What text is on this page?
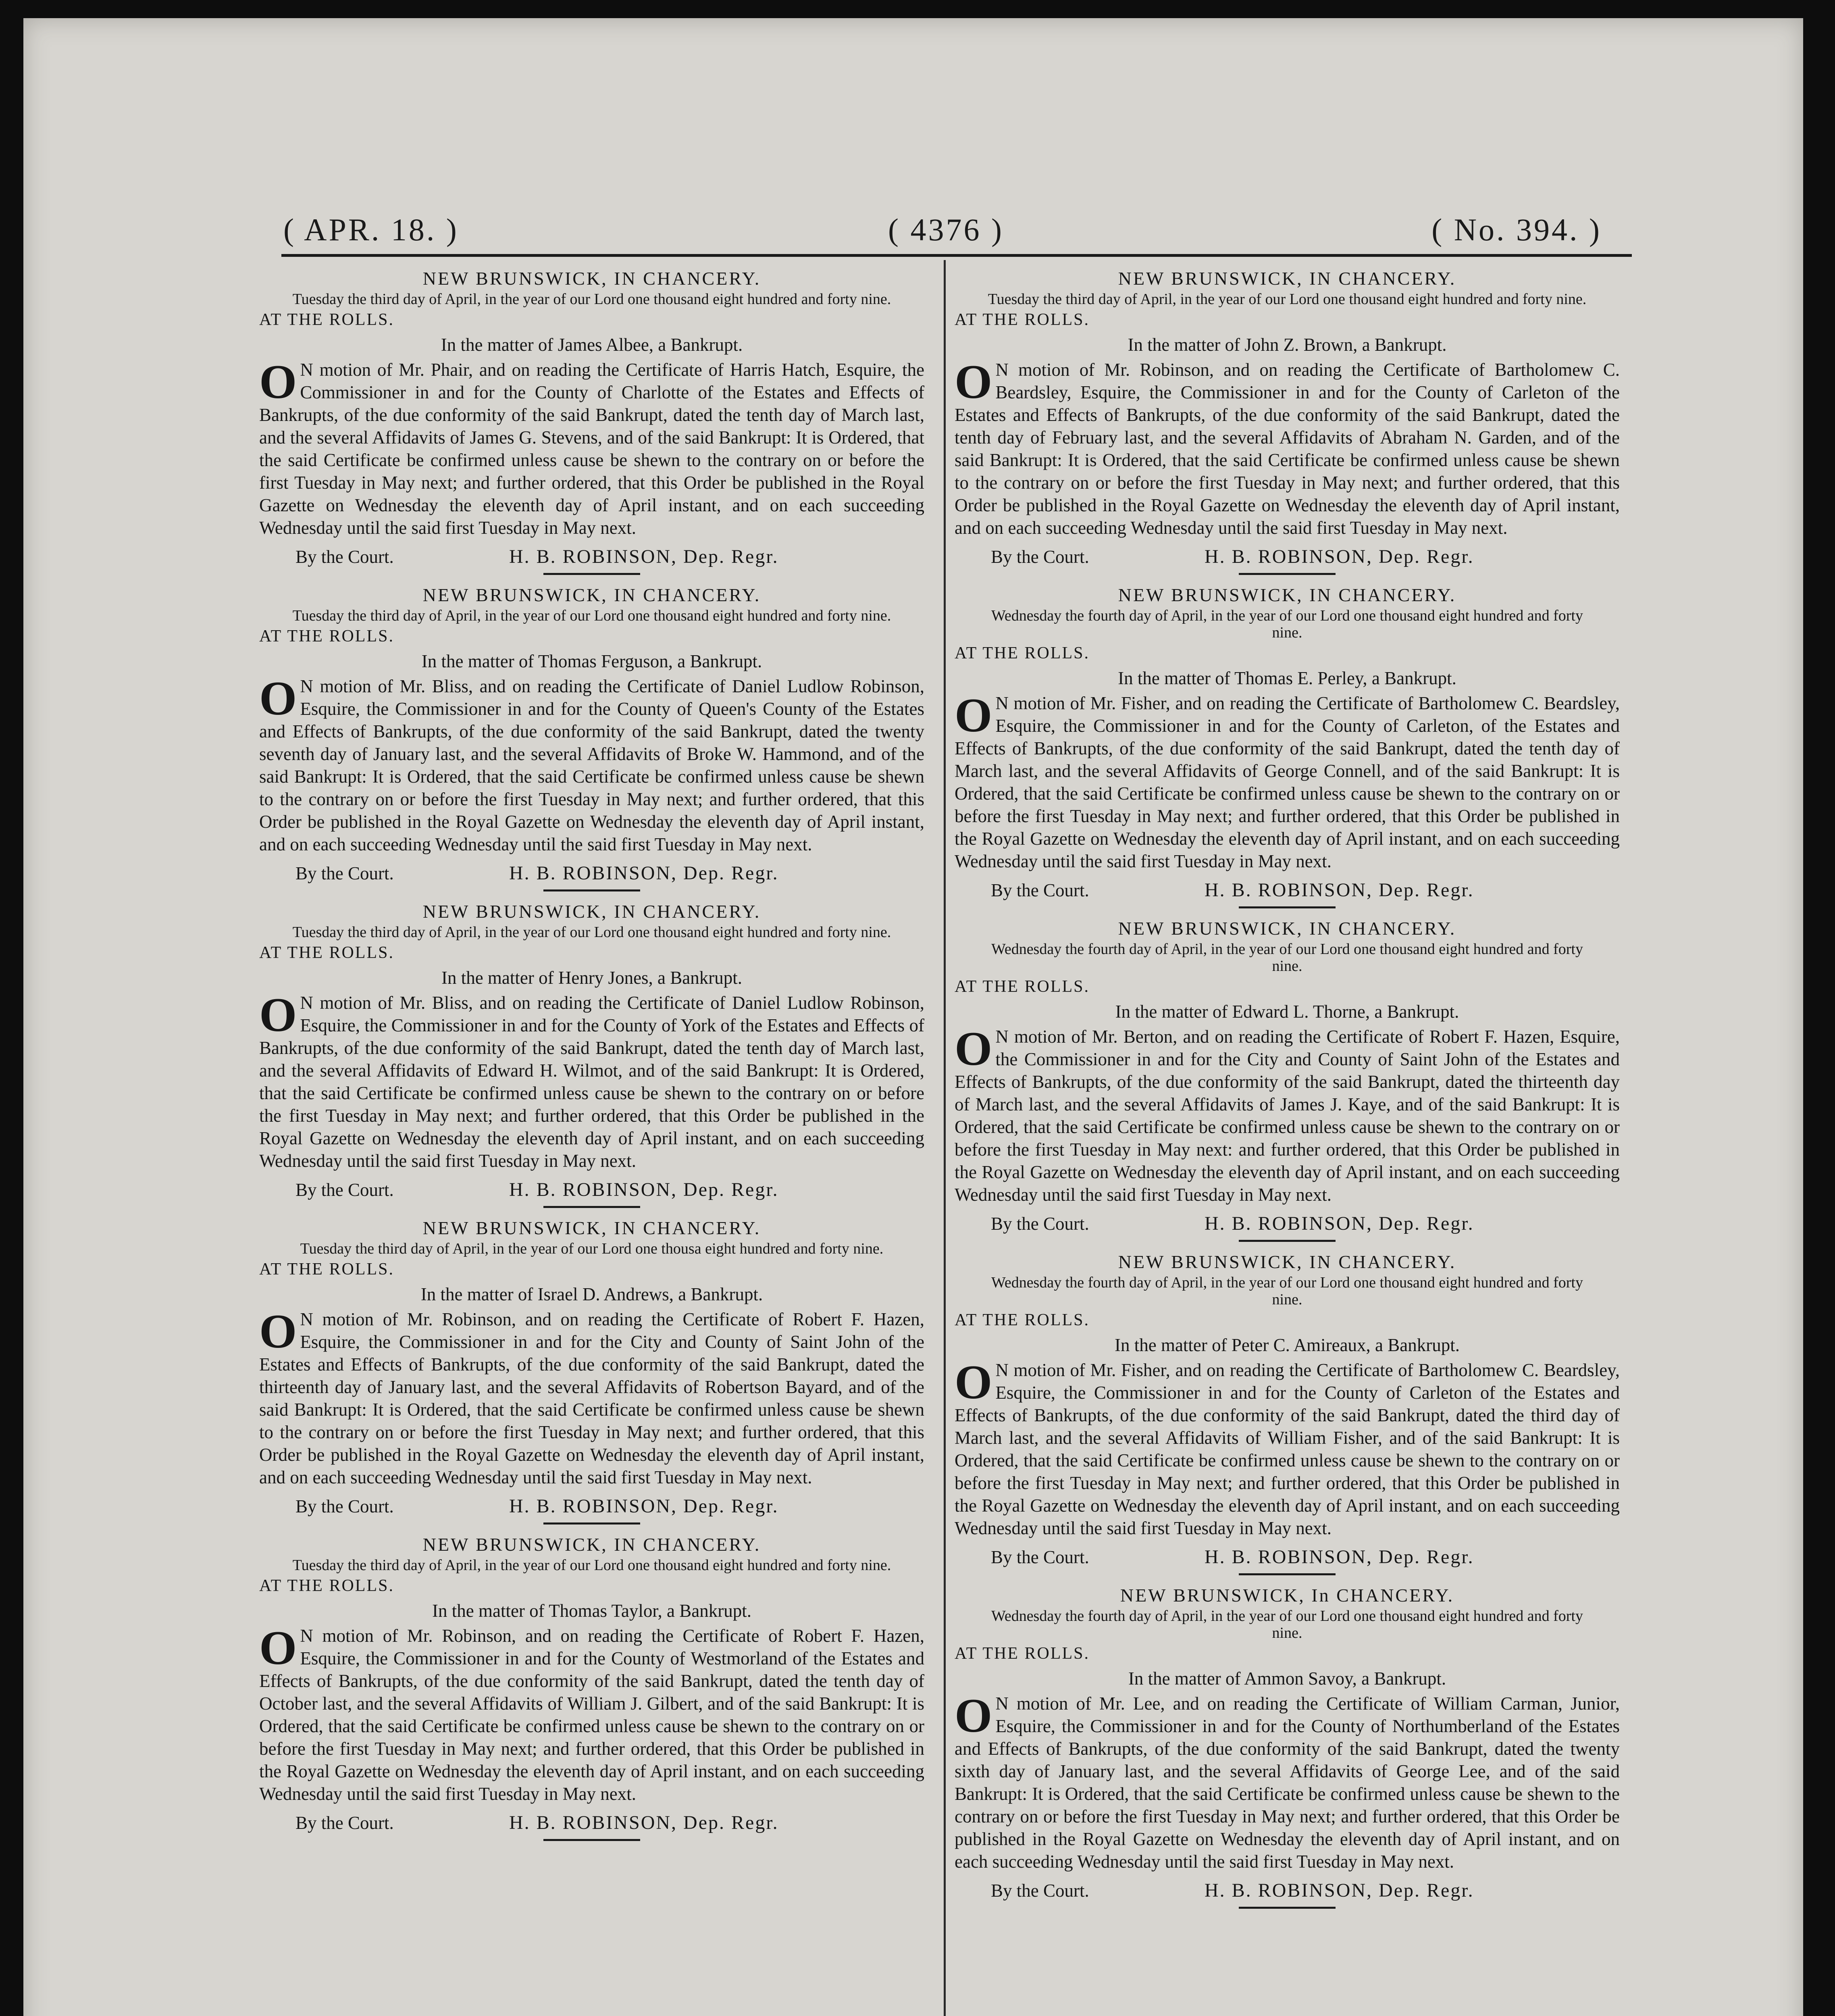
( APR. 18. )	( 4376 )	( No. 394. )
NEW BRUNSWICK, IN CHANCERY.
Tuesday the third day of April, in the year of our Lord one thousand eight hundred and forty nine.
AT THE ROLLS.
In the matter of James Albee, a Bankrupt.

O N motion of Mr. Phair, and on reading the Certificate of Harris Hatch, Esquire, the Commissioner in and for the County of Charlotte of the Estates and Effects of Bankrupts, of the due conformity of the said Bankrupt, dated the tenth day of March last, and the several Affidavits of James G. Stevens, and of the said Bankrupt: It is Ordered, that the said Certificate be confirmed unless cause be shewn to the contrary on or before the first Tuesday in May next; and further ordered, that this Order be published in the Royal Gazette on Wednesday the eleventh day of April instant, and on each succeeding Wednesday until the said first Tuesday in May next.

By the Court.	H. B. ROBINSON, Dep. Regr.
NEW BRUNSWICK, IN CHANCERY.
Tuesday the third day of April, in the year of our Lord one thousand eight hundred and forty nine.
AT THE ROLLS.
In the matter of Thomas Ferguson, a Bankrupt.

O N motion of Mr. Bliss, and on reading the Certificate of Daniel Ludlow Robinson, Esquire, the Commissioner in and for the County of Queen's County of the Estates and Effects of Bankrupts, of the due conformity of the said Bankrupt, dated the twenty seventh day of January last, and the several Affidavits of Broke W. Hammond, and of the said Bankrupt: It is Ordered, that the said Certificate be confirmed unless cause be shewn to the contrary on or before the first Tuesday in May next; and further ordered, that this Order be published in the Royal Gazette on Wednesday the eleventh day of April instant, and on each succeeding Wednesday until the said first Tuesday in May next.

By the Court.	H. B. ROBINSON, Dep. Regr.
NEW BRUNSWICK, IN CHANCERY.
Tuesday the third day of April, in the year of our Lord one thousand eight hundred and forty nine.
AT THE ROLLS.
In the matter of Henry Jones, a Bankrupt.

O N motion of Mr. Bliss, and on reading the Certificate of Daniel Ludlow Robinson, Esquire, the Commissioner in and for the County of York of the Estates and Effects of Bankrupts, of the due conformity of the said Bankrupt, dated the tenth day of March last, and the several Affidavits of Edward H. Wilmot, and of the said Bankrupt: It is Ordered, that the said Certificate be confirmed unless cause be shewn to the contrary on or before the first Tuesday in May next; and further ordered, that this Order be published in the Royal Gazette on Wednesday the eleventh day of April instant, and on each succeeding Wednesday until the said first Tuesday in May next.

By the Court.	H. B. ROBINSON, Dep. Regr.
NEW BRUNSWICK, IN CHANCERY.
Tuesday the third day of April, in the year of our Lord one thousa eight hundred and forty nine.
AT THE ROLLS.
In the matter of Israel D. Andrews, a Bankrupt.

O N motion of Mr. Robinson, and on reading the Certificate of Robert F. Hazen, Esquire, the Commissioner in and for the City and County of Saint John of the Estates and Effects of Bankrupts, of the due conformity of the said Bankrupt, dated the thirteenth day of January last, and the several Affidavits of Robertson Bayard, and of the said Bankrupt: It is Ordered, that the said Certificate be confirmed unless cause be shewn to the contrary on or before the first Tuesday in May next; and further ordered, that this Order be published in the Royal Gazette on Wednesday the eleventh day of April instant, and on each succeeding Wednesday until the said first Tuesday in May next.

By the Court.	H. B. ROBINSON, Dep. Regr.
NEW BRUNSWICK, IN CHANCERY.
Tuesday the third day of April, in the year of our Lord one thousand eight hundred and forty nine.
AT THE ROLLS.
In the matter of Thomas Taylor, a Bankrupt.

O N motion of Mr. Robinson, and on reading the Certificate of Robert F. Hazen, Esquire, the Commissioner in and for the County of Westmorland of the Estates and Effects of Bankrupts, of the due conformity of the said Bankrupt, dated the tenth day of October last, and the several Affidavits of William J. Gilbert, and of the said Bankrupt: It is Ordered, that the said Certificate be confirmed unless cause be shewn to the contrary on or before the first Tuesday in May next; and further ordered, that this Order be published in the Royal Gazette on Wednesday the eleventh day of April instant, and on each succeeding Wednesday until the said first Tuesday in May next.

By the Court.	H. B. ROBINSON, Dep. Regr.
NEW BRUNSWICK, IN CHANCERY.
Tuesday the third day of April, in the year of our Lord one thousand eight hundred and forty nine.
AT THE ROLLS.
In the matter of John Z. Brown, a Bankrupt.

O N motion of Mr. Robinson, and on reading the Certificate of Bartholomew C. Beardsley, Esquire, the Commissioner in and for the County of Carleton of the Estates and Effects of Bankrupts, of the due conformity of the said Bankrupt, dated the tenth day of February last, and the several Affidavits of Abraham N. Garden, and of the said Bankrupt: It is Ordered, that the said Certificate be confirmed unless cause be shewn to the contrary on or before the first Tuesday in May next; and further ordered, that this Order be published in the Royal Gazette on Wednesday the eleventh day of April instant, and on each succeeding Wednesday until the said first Tuesday in May next.

By the Court.	H. B. ROBINSON, Dep. Regr.
NEW BRUNSWICK, IN CHANCERY.
Wednesday the fourth day of April, in the year of our Lord one thousand eight hundred and forty nine.
AT THE ROLLS.
In the matter of Thomas E. Perley, a Bankrupt.

O N motion of Mr. Fisher, and on reading the Certificate of Bartholomew C. Beardsley, Esquire, the Commissioner in and for the County of Carleton, of the Estates and Effects of Bankrupts, of the due conformity of the said Bankrupt, dated the tenth day of March last, and the several Affidavits of George Connell, and of the said Bankrupt: It is Ordered, that the said Certificate be confirmed unless cause be shewn to the contrary on or before the first Tuesday in May next; and further ordered, that this Order be published in the Royal Gazette on Wednesday the eleventh day of April instant, and on each succeeding Wednesday until the said first Tuesday in May next.

By the Court.	H. B. ROBINSON, Dep. Regr.
NEW BRUNSWICK, IN CHANCERY.
Wednesday the fourth day of April, in the year of our Lord one thousand eight hundred and forty nine.
AT THE ROLLS.
In the matter of Edward L. Thorne, a Bankrupt.

O N motion of Mr. Berton, and on reading the Certificate of Robert F. Hazen, Esquire, the Commissioner in and for the City and County of Saint John of the Estates and Effects of Bankrupts, of the due conformity of the said Bankrupt, dated the thirteenth day of March last, and the several Affidavits of James J. Kaye, and of the said Bankrupt: It is Ordered, that the said Certificate be confirmed unless cause be shewn to the contrary on or before the first Tuesday in May next: and further ordered, that this Order be published in the Royal Gazette on Wednesday the eleventh day of April instant, and on each succeeding Wednesday until the said first Tuesday in May next.

By the Court.	H. B. ROBINSON, Dep. Regr.
NEW BRUNSWICK, IN CHANCERY.
Wednesday the fourth day of April, in the year of our Lord one thousand eight hundred and forty nine.
AT THE ROLLS.
In the matter of Peter C. Amireaux, a Bankrupt.

O N motion of Mr. Fisher, and on reading the Certificate of Bartholomew C. Beardsley, Esquire, the Commissioner in and for the County of Carleton of the Estates and Effects of Bankrupts, of the due conformity of the said Bankrupt, dated the third day of March last, and the several Affidavits of William Fisher, and of the said Bankrupt: It is Ordered, that the said Certificate be confirmed unless cause be shewn to the contrary on or before the first Tuesday in May next; and further ordered, that this Order be published in the Royal Gazette on Wednesday the eleventh day of April instant, and on each succeeding Wednesday until the said first Tuesday in May next.

By the Court.	H. B. ROBINSON, Dep. Regr.
NEW BRUNSWICK, In CHANCERY.
Wednesday the fourth day of April, in the year of our Lord one thousand eight hundred and forty nine.
AT THE ROLLS.
In the matter of Ammon Savoy, a Bankrupt.

O N motion of Mr. Lee, and on reading the Certificate of William Carman, Junior, Esquire, the Commissioner in and for the County of Northumberland of the Estates and Effects of Bankrupts, of the due conformity of the said Bankrupt, dated the twenty sixth day of January last, and the several Affidavits of George Lee, and of the said Bankrupt: It is Ordered, that the said Certificate be confirmed unless cause be shewn to the contrary on or before the first Tuesday in May next; and further ordered, that this Order be published in the Royal Gazette on Wednesday the eleventh day of April instant, and on each succeeding Wednesday until the said first Tuesday in May next.

By the Court.	H. B. ROBINSON, Dep. Regr.
